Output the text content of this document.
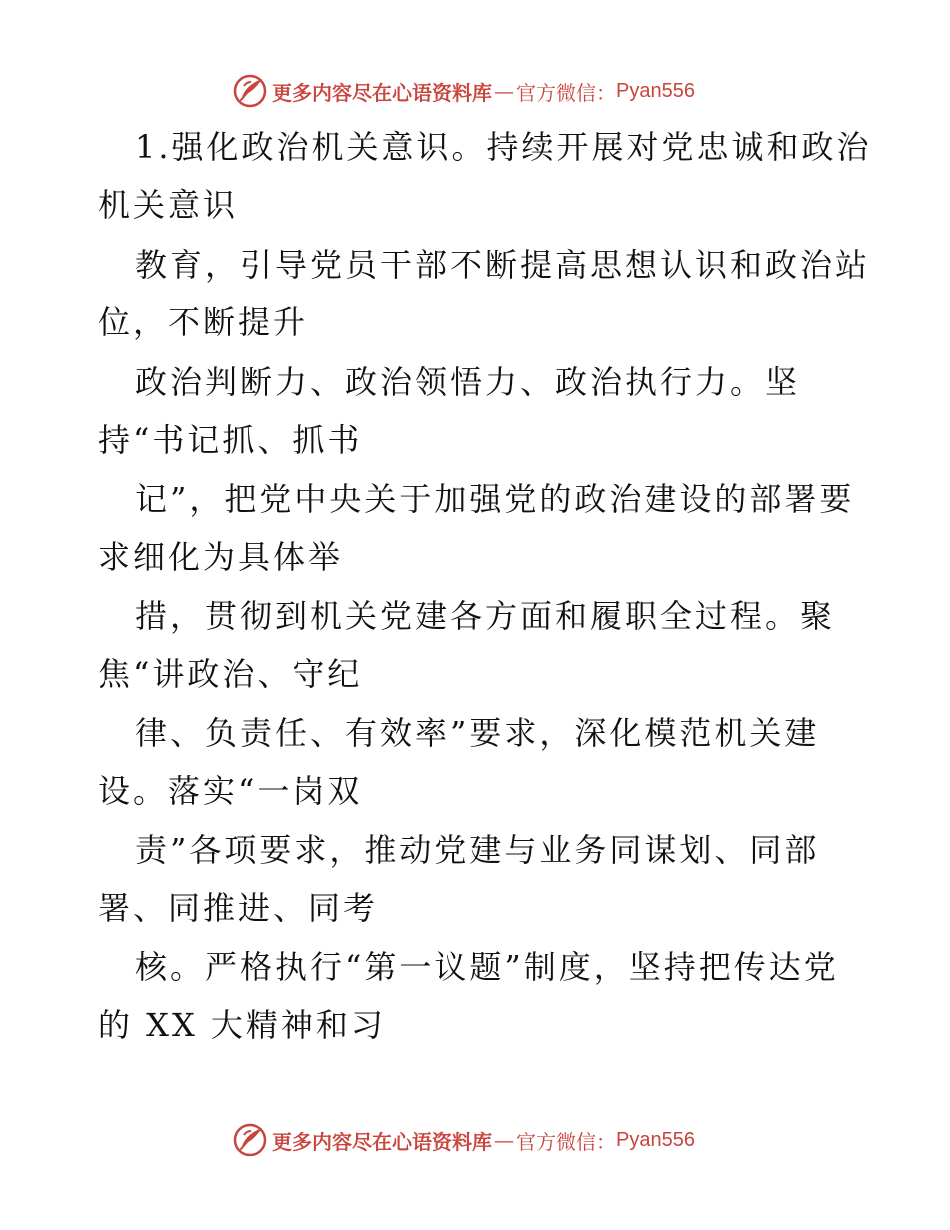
更多内容尽在心语资料库 — 官方微信： Pyan556
1.强化政治机关意识。持续开展对党忠诚和政治
机关意识
教育，引导党员干部不断提高思想认识和政治站
位，不断提升
政治判断力、政治领悟力、政治执行力。坚
持“书记抓、抓书
记”，把党中央关于加强党的政治建设的部署要
求细化为具体举
措，贯彻到机关党建各方面和履职全过程。聚
焦“讲政治、守纪
律、负责任、有效率”要求，深化模范机关建
设。落实“一岗双
责”各项要求，推动党建与业务同谋划、同部
署、同推进、同考
核。严格执行“第一议题”制度，坚持把传达党
的 XX 大精神和习
更多内容尽在心语资料库 — 官方微信： Pyan556
